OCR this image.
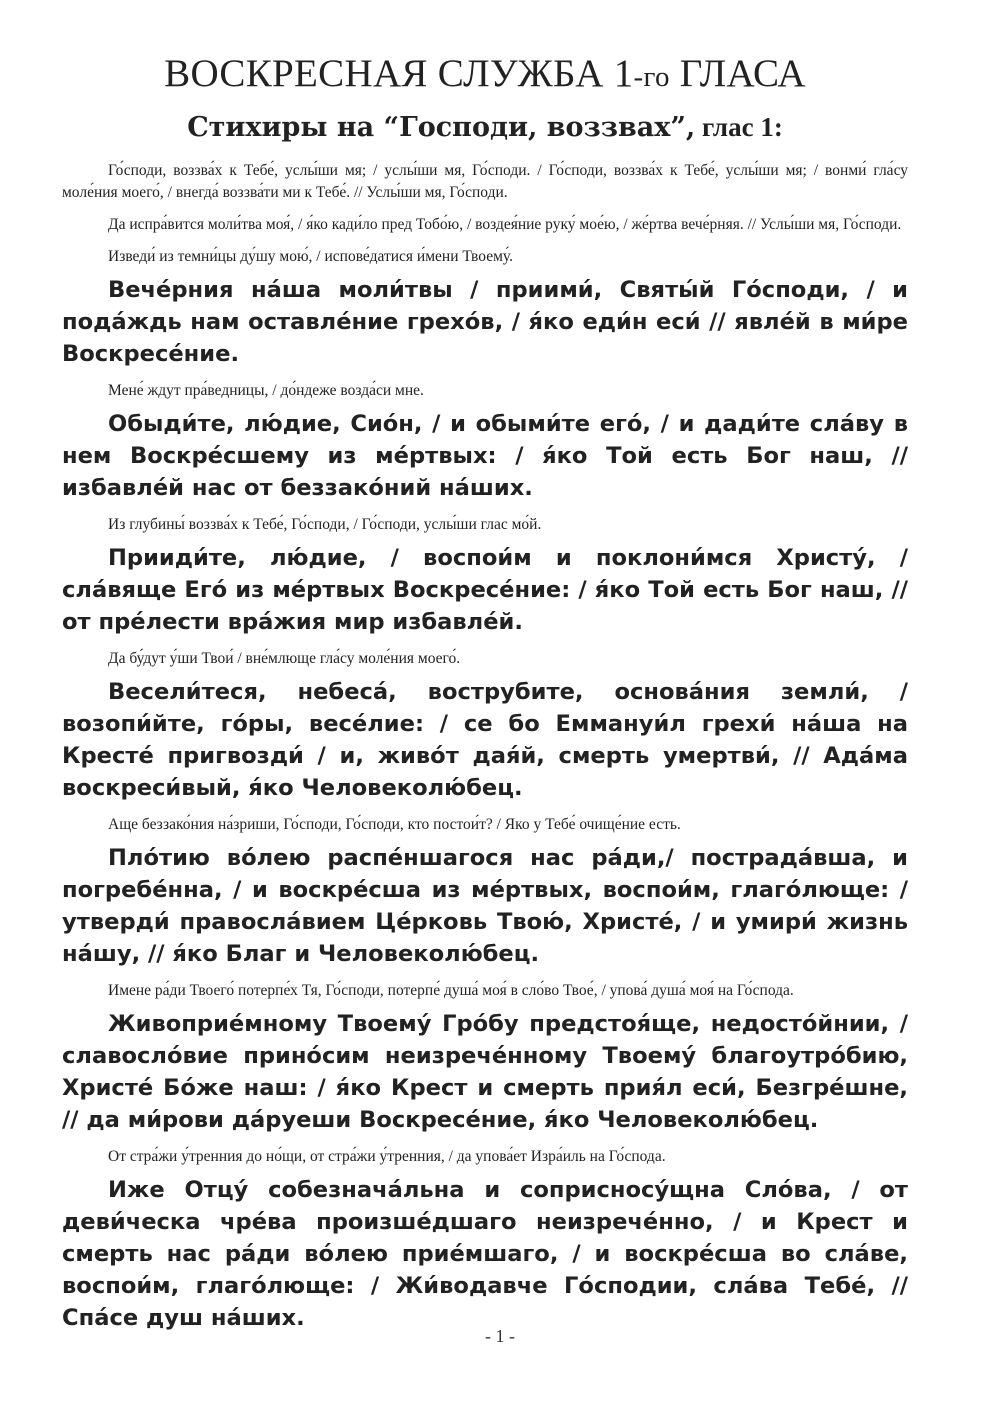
ВОСКРЕСНАЯ СЛУЖБА 1-го ГЛАСА
Стихиры на “Господи, воззвах”, глас 1:

Го́споди, воззва́х к Тебе́, услы́ши мя; / услы́ши мя, Го́споди. / Го́споди, воззва́х к Тебе́, услы́ши мя; / вонми́ гла́су моле́ния моего́, / внегда́ воззва́ти ми к Тебе́. // Услы́ши мя, Го́споди.

Да испра́вится моли́тва моя́, / я́ко кади́ло пред Тобо́ю, / воздея́ние руку́ мое́ю, / же́ртва вече́рняя. // Услы́ши мя, Го́споди.

Изведи́ из темни́цы ду́шу мою́, / испове́датися и́мени Твоему́.

Вече́рния на́ша моли́твы / приими́, Святы́й Го́споди, / и пода́ждь нам оставле́ние грехо́в, / я́ко еди́н еси́ // явле́й в ми́ре Воскресе́ние.

Мене́ ждут пра́ведницы, / до́ндеже возда́си мне.

Обыди́те, лю́дие, Сио́н, / и обыми́те его́, / и дади́те сла́ву в нем Воскре́сшему из ме́ртвых: / я́ко Той есть Бог наш, // избавле́й нас от беззако́ний на́ших.

Из глубины́ воззва́х к Тебе́, Го́споди, / Го́споди, услы́ши глас мо́й.

Прииди́те, лю́дие, / воспои́м и поклони́мся Христу́, / сла́вяще Его́ из ме́ртвых Воскресе́ние: / я́ко Той есть Бог наш, // от пре́лести вра́жия мир избавле́й.

Да бу́дут у́ши Твои́ / вне́млюще гла́су моле́ния моего́.

Весели́теся, небеса́, вострубите, основа́ния земли́, / возопи́йте, го́ры, весе́лие: / се бо Еммануи́л грехи́ на́ша на Кресте́ пригвозди́ / и, живо́т дая́й, смерть умертви́, // Ада́ма воскреси́вый, я́ко Человеколю́бец.

Аще беззако́ния на́зриши, Го́споди, Го́споди, кто постои́т? / Яко у Тебе́ очище́ние есть.

Пло́тию во́лею распе́ншагося нас ра́ди,/ пострада́вша, и погребе́нна, / и воскре́сша из ме́ртвых, воспои́м, глаго́люще: / утверди́ правосла́вием Це́рковь Твою́, Христе́, / и умири́ жизнь на́шу, // я́ко Благ и Человеколю́бец.

Имене ра́ди Твоего́ потерпе́х Тя, Го́споди, потерпе́ душа́ моя́ в сло́во Твое́, / упова́ душа́ моя́ на Го́спода.

Живоприе́мному Твоему́ Гро́бу предстоя́ще, недосто́йнии, / славосло́вие прино́сим неизрече́нному Твоему́ благоутро́бию, Христе́ Бо́же наш: / я́ко Крест и смерть прия́л еси́, Безгре́шне, // да ми́рови да́руеши Воскресе́ние, я́ко Человеколю́бец.

От стра́жи у́тренния до но́щи, от стра́жи у́тренния, / да упова́ет Изра́иль на Го́спода.

Иже Отцу́ собезнача́льна и соприсносу́щна Сло́ва, / от деви́ческа чре́ва произше́дшаго неизрече́нно, / и Крест и смерть нас ра́ди во́лею прие́мшаго, / и воскре́сша во сла́ве, воспои́м, глаго́люще: / Жи́водавче Го́сподии, сла́ва Тебе́, // Спа́се душ на́ших.

- 1 -
